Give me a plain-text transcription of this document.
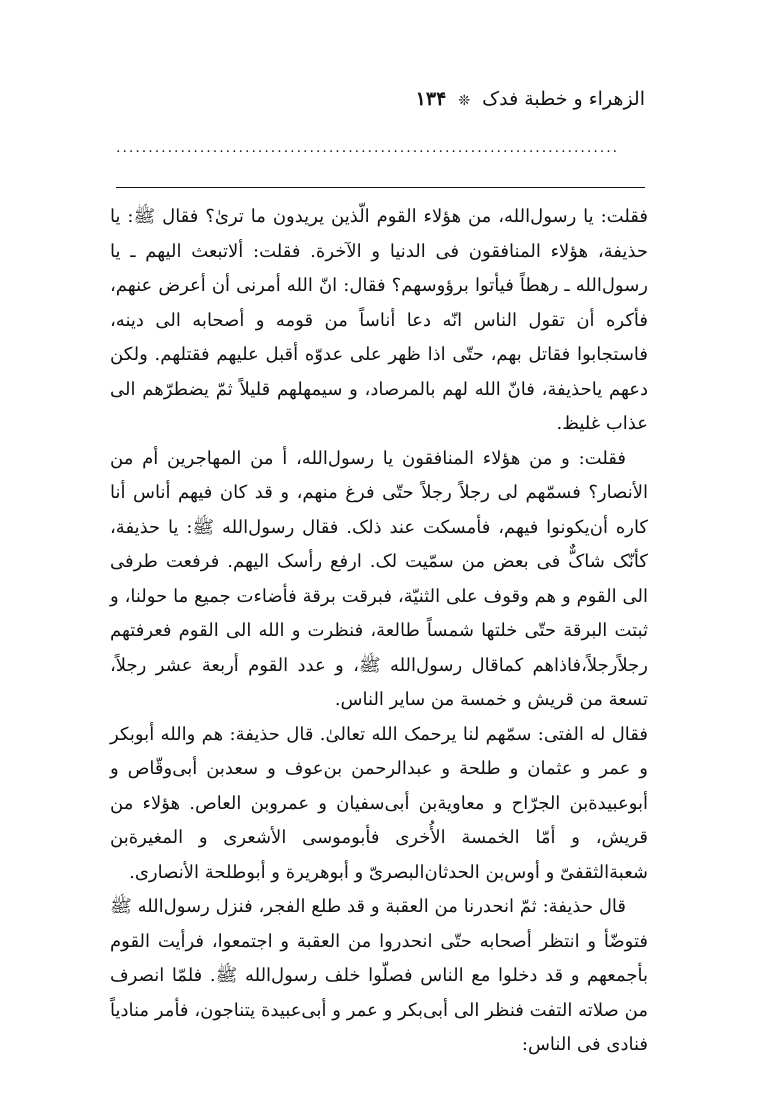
الزهراء و خطبة فدک ❊ ١٣۴
..............................................................................

فقلت: يا رسول‌الله، من هؤلاء القوم الّذين يريدون ما ترىٰ؟ فقال ﷺ: يا حذيفة، هؤلاء المنافقون فى الدنيا و الآخرة. فقلت: ألاتبعث اليهم ـ يا رسول‌الله ـ رهطاً فيأتوا برؤوسهم؟ فقال: انّ الله أمرنى أن أعرض عنهم، فأكره أن تقول الناس انّه دعا أناساً من قومه و أصحابه الى دينه، فاستجابوا فقاتل بهم، حتّى اذا ظهر على عدوّه أقبل عليهم فقتلهم. ولكن دعهم ياحذيفة، فانّ الله لهم بالمرصاد، و سيمهلهم قليلاً ثمّ يضطرّهم الى عذاب غليظ.

فقلت: و من هؤلاء المنافقون يا رسول‌الله، أ من المهاجرين أم من الأنصار؟ فسمّهم لى رجلاً رجلاً حتّى فرغ منهم، و قد كان فيهم أناس أنا كاره أن‌يكونوا فيهم، فأمسكت عند ذلک. فقال رسول‌الله ﷺ: يا حذيفة، كأنّک شاکٌّ فى بعض من سمّيت لک. ارفع رأسک اليهم. فرفعت طرفى الى القوم و هم وقوف على الثنيّة، فبرقت برقة فأضاءت جميع ما حولنا، و ثبتت البرقة حتّى خلتها شمساً طالعة، فنظرت و الله الى القوم فعرفتهم رجلاًرجلاً،فاذاهم كماقال رسول‌الله ﷺ، و عدد القوم أربعة عشر رجلاً، تسعة من قريش و خمسة من ساير الناس.

فقال له الفتى: سمّهم لنا يرحمک الله تعالىٰ. قال حذيفة: هم والله أبوبكر و عمر و عثمان و طلحة و عبدالرحمن بن‌عوف و سعدبن أبى‌وقّاص و أبوعبيدة‌بن الجرّاح و معاوية‌بن أبى‌سفيان و عمروبن العاص. هؤلاء من قريش، و أمّا الخمسة الأُخرى فأبوموسى الأشعرى و المغيرة‌بن شعبة‌الثقفىّ و أوس‌بن الحدثان‌البصرىّ و أبوهريرة و أبوطلحة الأنصارى.

قال حذيفة: ثمّ انحدرنا من العقبة و قد طلع الفجر، فنزل رسول‌الله ﷺ فتوضّأ و انتظر أصحابه حتّى انحدروا من العقبة و اجتمعوا، فرأيت القوم بأجمعهم و قد دخلوا مع الناس فصلّوا خلف رسول‌الله ﷺ. فلمّا انصرف من صلاته التفت فنظر الى أبى‌بكر و عمر و أبى‌عبيدة يتناجون، فأمر منادياً فنادى فى الناس:
